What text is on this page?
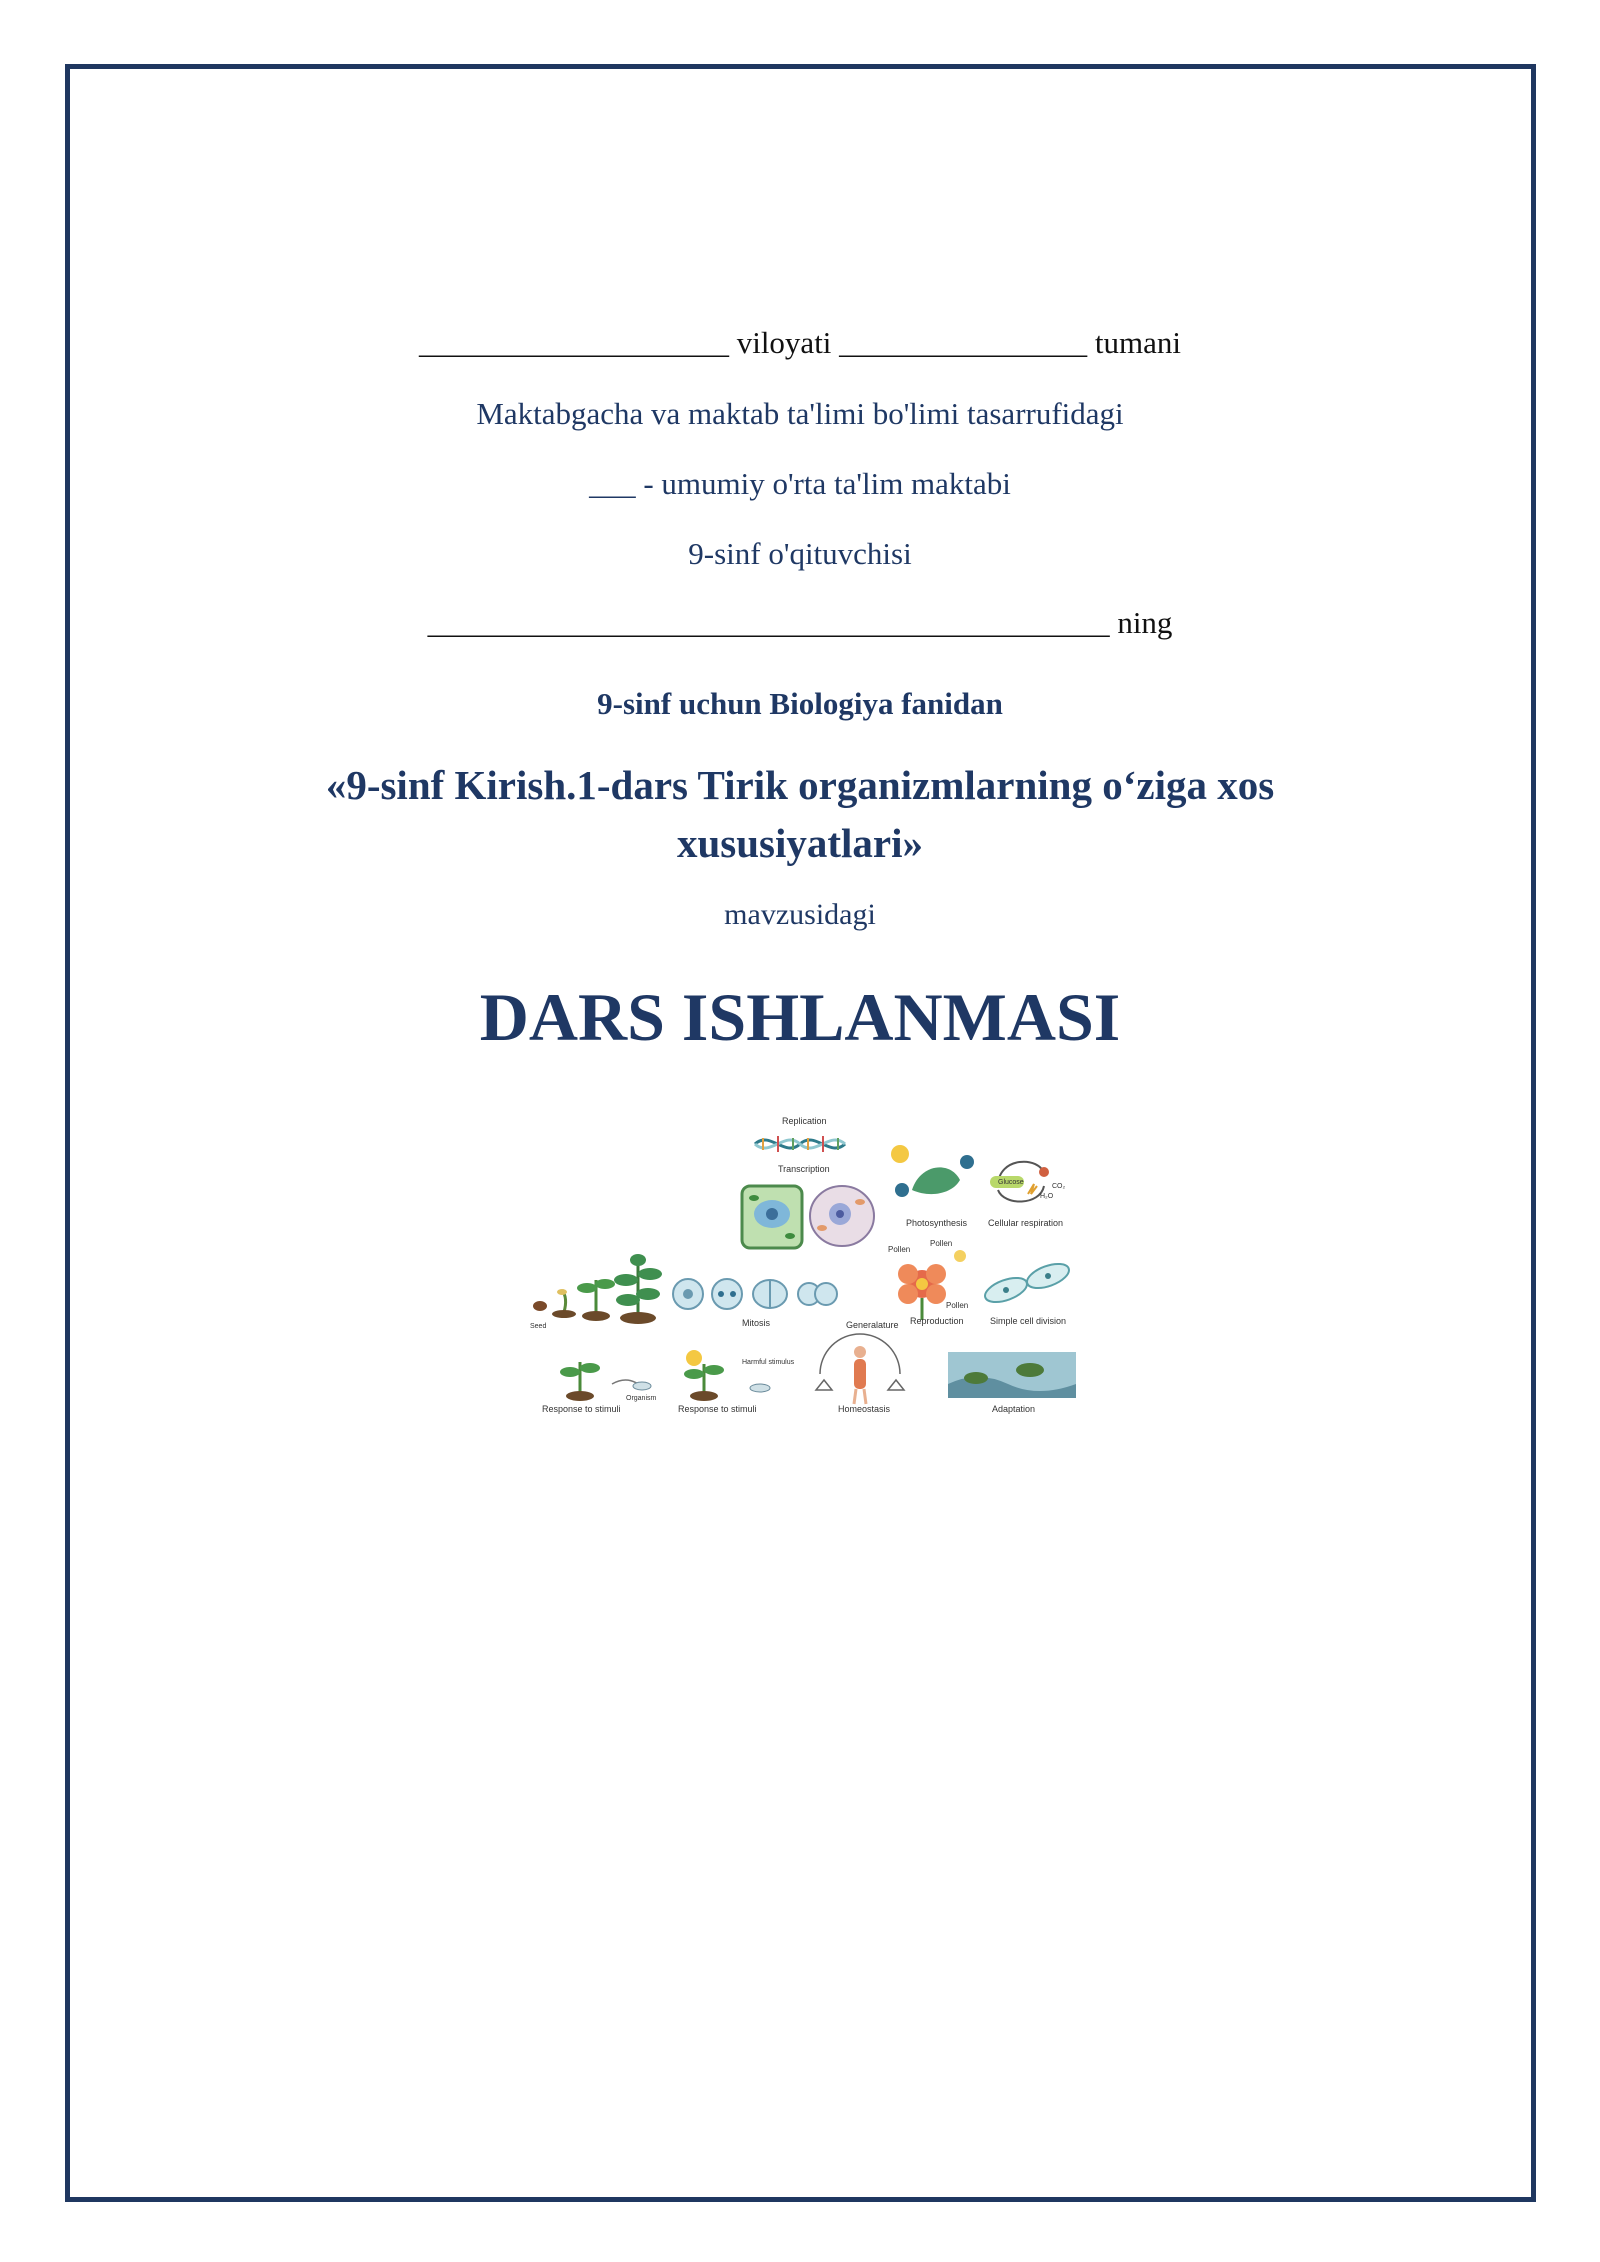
____________________ viloyati ________________ tumani
Maktabgacha va maktab ta'limi bo'limi tasarrufidagi
___ - umumiy o'rta ta'lim maktabi
9-sinf o'qituvchisi
____________________________________________ ning
9-sinf uchun Biologiya fanidan
«9-sinf Kirish.1-dars Tirik organizmlarning o‘ziga xos xususiyatlari»
mavzusidagi
DARS ISHLANMASI
Replication
Transcription
Photosynthesis
Glucose
CO₂
H₂O
Cellular respiration
Seed	Mitosis
Pollen
Pollen
Pollen
Generalature Reproduction	Simple cell division
Organism
Response to stimuli
Harmful stimulus
Response to stimuli	Homeostasis	Adaptation
